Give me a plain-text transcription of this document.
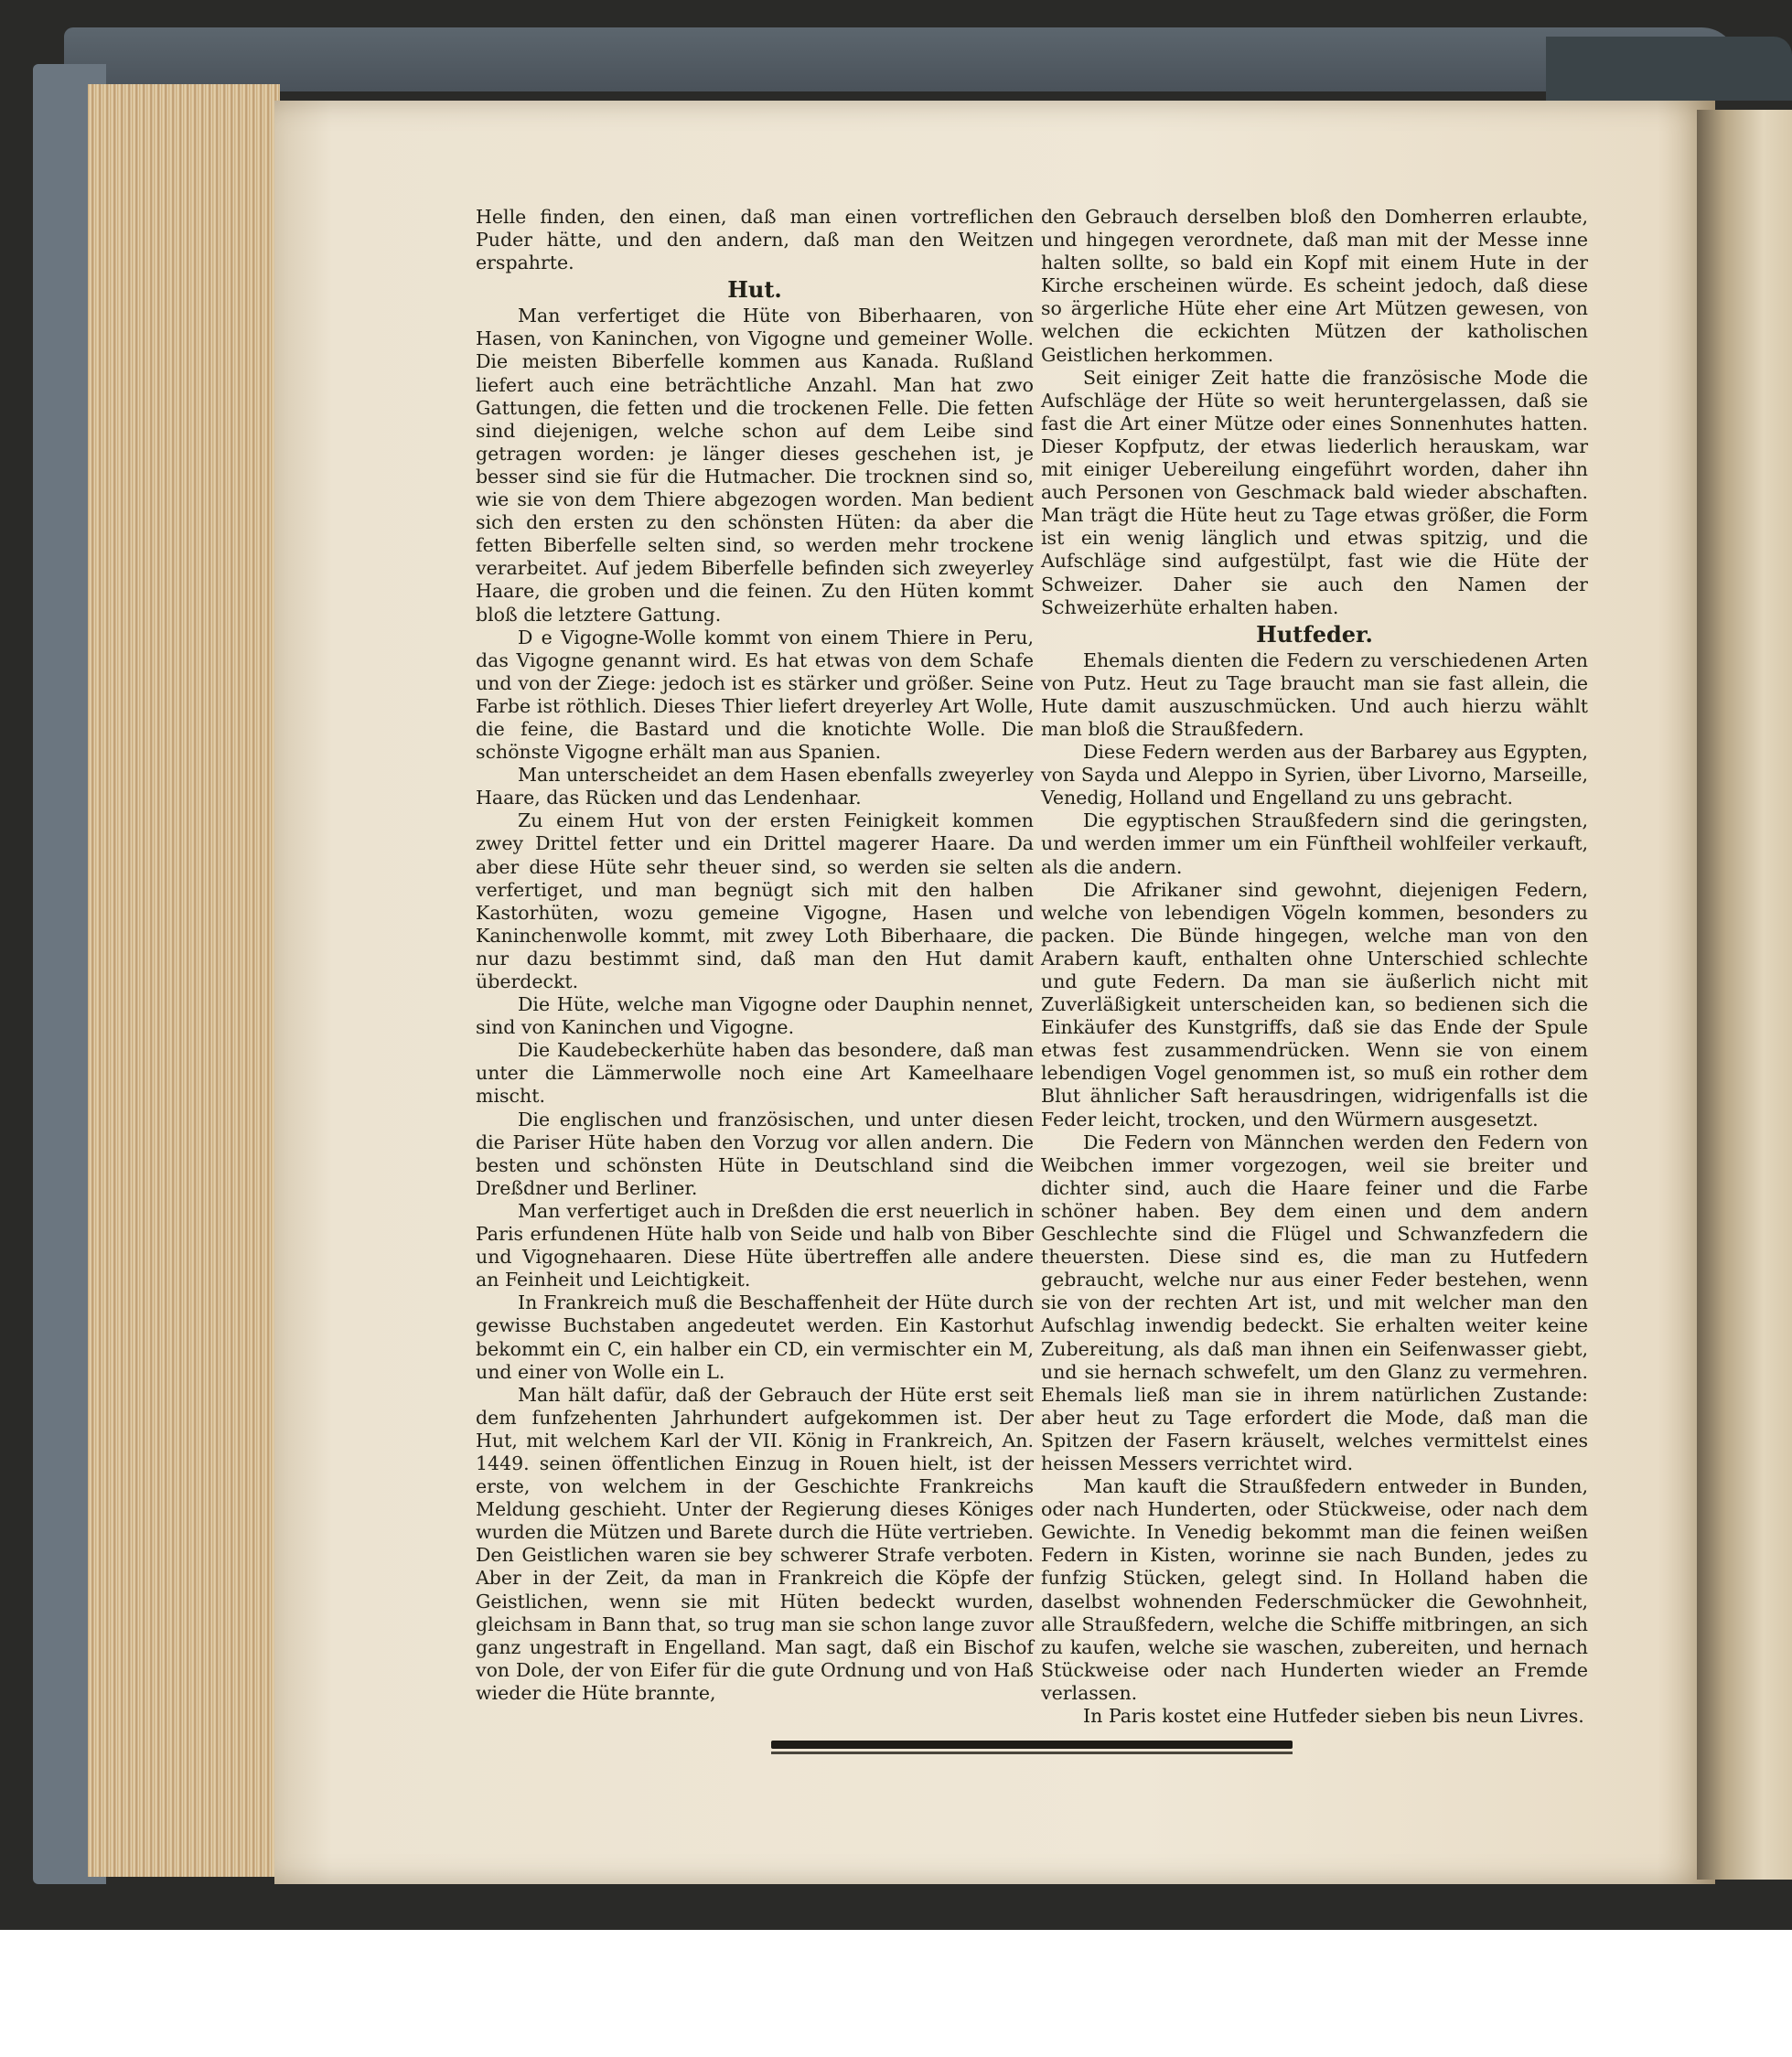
Helle finden, den einen, daß man einen vortreflichen Puder hätte, und den andern, daß man den Weitzen erspahrte.

Hut.

Man verfertiget die Hüte von Biberhaaren, von Hasen, von Kaninchen, von Vigogne und gemeiner Wolle. Die meisten Biberfelle kommen aus Kanada. Rußland liefert auch eine beträchtliche Anzahl. Man hat zwo Gattungen, die fetten und die trockenen Felle. Die fetten sind diejenigen, welche schon auf dem Leibe sind getragen worden: je länger dieses geschehen ist, je besser sind sie für die Hutmacher. Die trocknen sind so, wie sie von dem Thiere abgezogen worden. Man bedient sich den ersten zu den schönsten Hüten: da aber die fetten Biberfelle selten sind, so werden mehr trockene verarbeitet. Auf jedem Biberfelle befinden sich zweyerley Haare, die groben und die feinen. Zu den Hüten kommt bloß die letztere Gattung.

D e Vigogne-Wolle kommt von einem Thiere in Peru, das Vigogne genannt wird. Es hat etwas von dem Schafe und von der Ziege: jedoch ist es stärker und größer. Seine Farbe ist röthlich. Dieses Thier liefert dreyerley Art Wolle, die feine, die Bastard und die knotichte Wolle. Die schönste Vigogne erhält man aus Spanien.

Man unterscheidet an dem Hasen ebenfalls zweyerley Haare, das Rücken und das Lendenhaar.

Zu einem Hut von der ersten Feinigkeit kommen zwey Drittel fetter und ein Drittel magerer Haare. Da aber diese Hüte sehr theuer sind, so werden sie selten verfertiget, und man begnügt sich mit den halben Kastorhüten, wozu gemeine Vigogne, Hasen und Kaninchenwolle kommt, mit zwey Loth Biberhaare, die nur dazu bestimmt sind, daß man den Hut damit überdeckt.

Die Hüte, welche man Vigogne oder Dauphin nennet, sind von Kaninchen und Vigogne.

Die Kaudebeckerhüte haben das besondere, daß man unter die Lämmerwolle noch eine Art Kameelhaare mischt.

Die englischen und französischen, und unter diesen die Pariser Hüte haben den Vorzug vor allen andern. Die besten und schönsten Hüte in Deutschland sind die Dreßdner und Berliner.

Man verfertiget auch in Dreßden die erst neuerlich in Paris erfundenen Hüte halb von Seide und halb von Biber und Vigognehaaren. Diese Hüte übertreffen alle andere an Feinheit und Leichtigkeit.

In Frankreich muß die Beschaffenheit der Hüte durch gewisse Buchstaben angedeutet werden. Ein Kastorhut bekommt ein C, ein halber ein CD, ein vermischter ein M, und einer von Wolle ein L.

Man hält dafür, daß der Gebrauch der Hüte erst seit dem funfzehenten Jahrhundert aufgekommen ist. Der Hut, mit welchem Karl der VII. König in Frankreich, An. 1449. seinen öffentlichen Einzug in Rouen hielt, ist der erste, von welchem in der Geschichte Frankreichs Meldung geschieht. Unter der Regierung dieses Königes wurden die Mützen und Barete durch die Hüte vertrieben. Den Geistlichen waren sie bey schwerer Strafe verboten. Aber in der Zeit, da man in Frankreich die Köpfe der Geistlichen, wenn sie mit Hüten bedeckt wurden, gleichsam in Bann that, so trug man sie schon lange zuvor ganz ungestraft in Engelland. Man sagt, daß ein Bischof von Dole, der von Eifer für die gute Ordnung und von Haß wieder die Hüte brannte,

den Gebrauch derselben bloß den Domherren erlaubte, und hingegen verordnete, daß man mit der Messe inne halten sollte, so bald ein Kopf mit einem Hute in der Kirche erscheinen würde. Es scheint jedoch, daß diese so ärgerliche Hüte eher eine Art Mützen gewesen, von welchen die eckichten Mützen der katholischen Geistlichen herkommen.

Seit einiger Zeit hatte die französische Mode die Aufschläge der Hüte so weit heruntergelassen, daß sie fast die Art einer Mütze oder eines Sonnenhutes hatten. Dieser Kopfputz, der etwas liederlich herauskam, war mit einiger Uebereilung eingeführt worden, daher ihn auch Personen von Geschmack bald wieder abschaften. Man trägt die Hüte heut zu Tage etwas größer, die Form ist ein wenig länglich und etwas spitzig, und die Aufschläge sind aufgestülpt, fast wie die Hüte der Schweizer. Daher sie auch den Namen der Schweizerhüte erhalten haben.

Hutfeder.

Ehemals dienten die Federn zu verschiedenen Arten von Putz. Heut zu Tage braucht man sie fast allein, die Hute damit auszuschmücken. Und auch hierzu wählt man bloß die Straußfedern.

Diese Federn werden aus der Barbarey aus Egypten, von Sayda und Aleppo in Syrien, über Livorno, Marseille, Venedig, Holland und Engelland zu uns gebracht.

Die egyptischen Straußfedern sind die geringsten, und werden immer um ein Fünftheil wohlfeiler verkauft, als die andern.

Die Afrikaner sind gewohnt, diejenigen Federn, welche von lebendigen Vögeln kommen, besonders zu packen. Die Bünde hingegen, welche man von den Arabern kauft, enthalten ohne Unterschied schlechte und gute Federn. Da man sie äußerlich nicht mit Zuverläßigkeit unterscheiden kan, so bedienen sich die Einkäufer des Kunstgriffs, daß sie das Ende der Spule etwas fest zusammendrücken. Wenn sie von einem lebendigen Vogel genommen ist, so muß ein rother dem Blut ähnlicher Saft herausdringen, widrigenfalls ist die Feder leicht, trocken, und den Würmern ausgesetzt.

Die Federn von Männchen werden den Federn von Weibchen immer vorgezogen, weil sie breiter und dichter sind, auch die Haare feiner und die Farbe schöner haben. Bey dem einen und dem andern Geschlechte sind die Flügel und Schwanzfedern die theuersten. Diese sind es, die man zu Hutfedern gebraucht, welche nur aus einer Feder bestehen, wenn sie von der rechten Art ist, und mit welcher man den Aufschlag inwendig bedeckt. Sie erhalten weiter keine Zubereitung, als daß man ihnen ein Seifenwasser giebt, und sie hernach schwefelt, um den Glanz zu vermehren. Ehemals ließ man sie in ihrem natürlichen Zustande: aber heut zu Tage erfordert die Mode, daß man die Spitzen der Fasern kräuselt, welches vermittelst eines heissen Messers verrichtet wird.

Man kauft die Straußfedern entweder in Bunden, oder nach Hunderten, oder Stückweise, oder nach dem Gewichte. In Venedig bekommt man die feinen weißen Federn in Kisten, worinne sie nach Bunden, jedes zu funfzig Stücken, gelegt sind. In Holland haben die daselbst wohnenden Federschmücker die Gewohnheit, alle Straußfedern, welche die Schiffe mitbringen, an sich zu kaufen, welche sie waschen, zubereiten, und hernach Stückweise oder nach Hunderten wieder an Fremde verlassen.

In Paris kostet eine Hutfeder sieben bis neun Livres.
